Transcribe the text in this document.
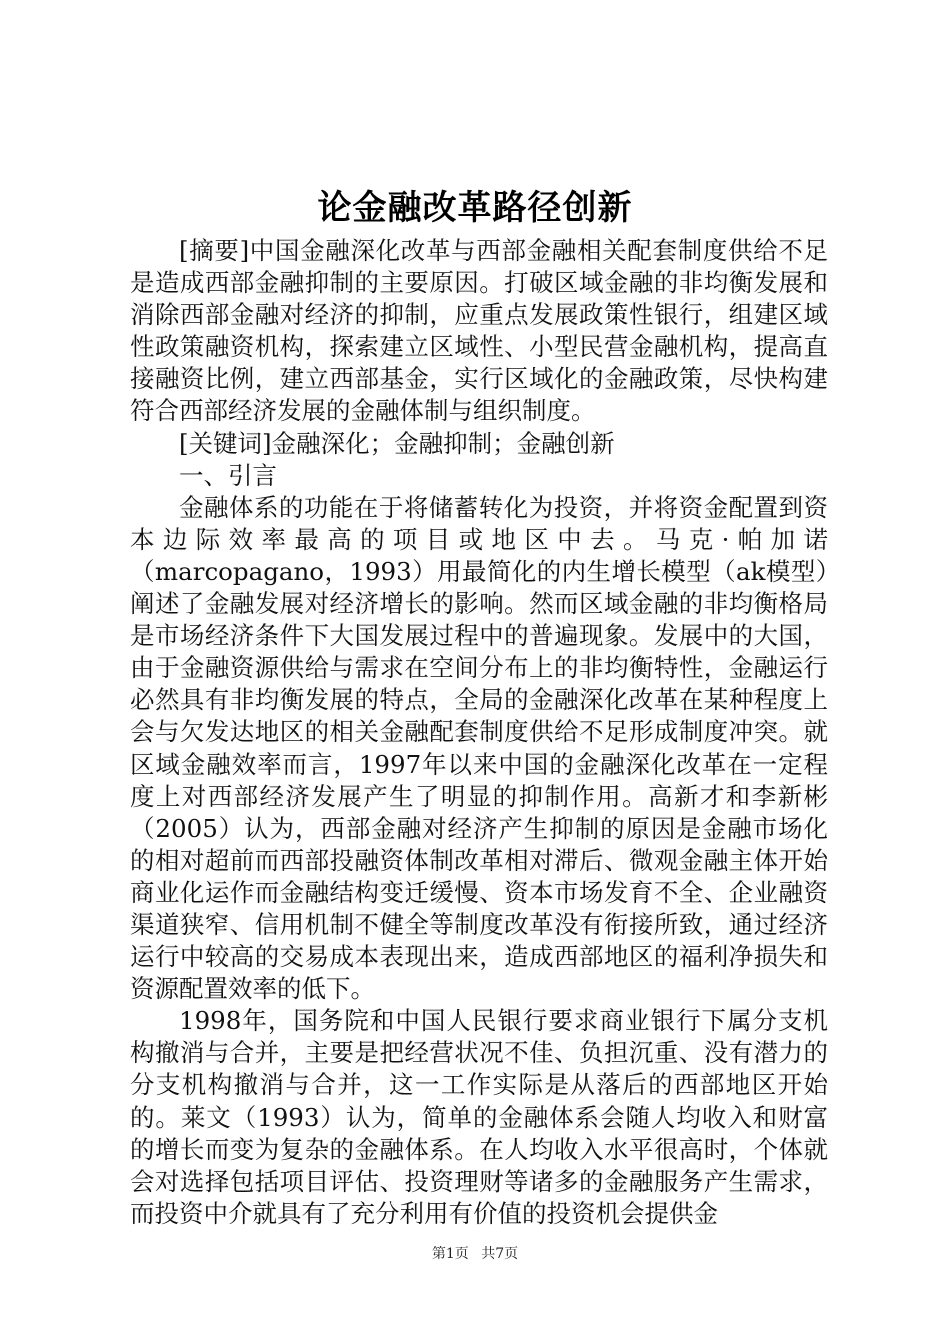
论金融改革路径创新

[摘要]中国金融深化改革与西部金融相关配套制度供给不足是造成西部金融抑制的主要原因。打破区域金融的非均衡发展和消除西部金融对经济的抑制，应重点发展政策性银行，组建区域性政策融资机构，探索建立区域性、小型民营金融机构，提高直接融资比例，建立西部基金，实行区域化的金融政策，尽快构建符合西部经济发展的金融体制与组织制度。

[关键词]金融深化；金融抑制；金融创新

一、引言

金融体系的功能在于将储蓄转化为投资，并将资金配置到资本边际效率最高的项目或地区中去。马克·帕加诺（marcopagano，1993）用最简化的内生增长模型（ak模型）阐述了金融发展对经济增长的影响。然而区域金融的非均衡格局是市场经济条件下大国发展过程中的普遍现象。发展中的大国，由于金融资源供给与需求在空间分布上的非均衡特性，金融运行必然具有非均衡发展的特点，全局的金融深化改革在某种程度上会与欠发达地区的相关金融配套制度供给不足形成制度冲突。就区域金融效率而言，1997年以来中国的金融深化改革在一定程度上对西部经济发展产生了明显的抑制作用。高新才和李新彬（2005）认为，西部金融对经济产生抑制的原因是金融市场化的相对超前而西部投融资体制改革相对滞后、微观金融主体开始商业化运作而金融结构变迁缓慢、资本市场发育不全、企业融资渠道狭窄、信用机制不健全等制度改革没有衔接所致，通过经济运行中较高的交易成本表现出来，造成西部地区的福利净损失和资源配置效率的低下。

1998年，国务院和中国人民银行要求商业银行下属分支机构撤消与合并，主要是把经营状况不佳、负担沉重、没有潜力的分支机构撤消与合并，这一工作实际是从落后的西部地区开始的。莱文（1993）认为，简单的金融体系会随人均收入和财富的增长而变为复杂的金融体系。在人均收入水平很高时，个体就会对选择包括项目评估、投资理财等诸多的金融服务产生需求，而投资中介就具有了充分利用有价值的投资机会提供金

第1页 共7页
